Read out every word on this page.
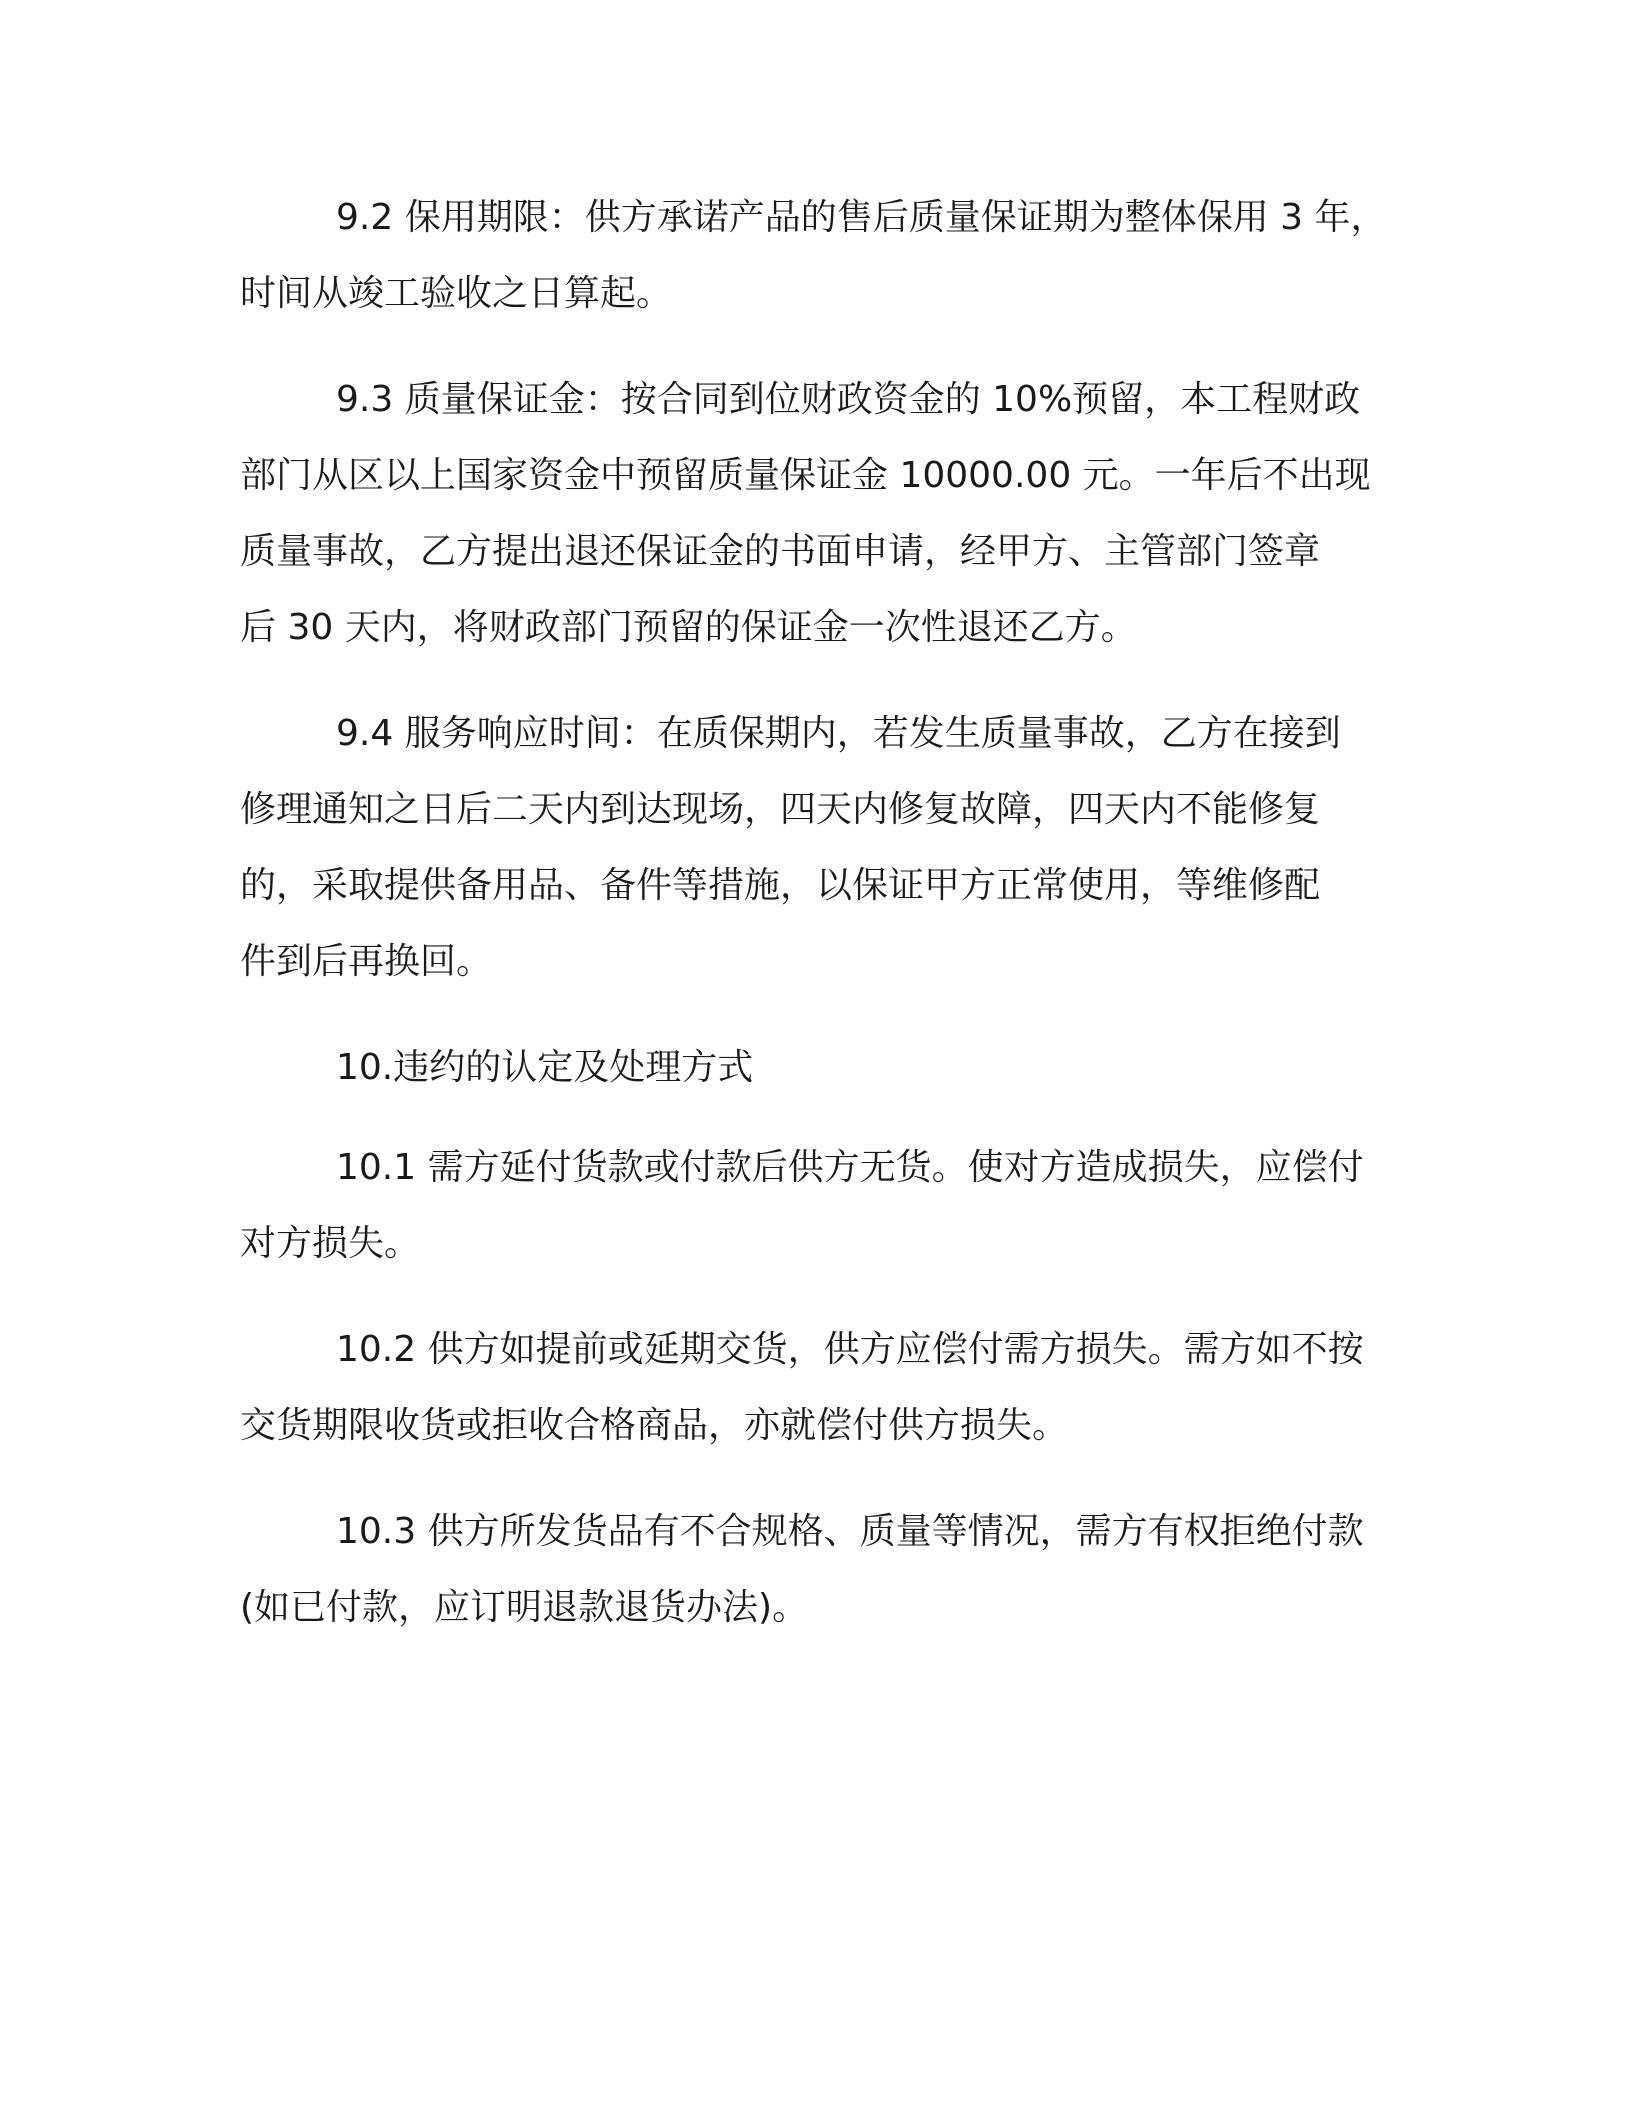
9.2 保用期限：供方承诺产品的售后质量保证期为整体保用 3 年，
时间从竣工验收之日算起。

9.3 质量保证金：按合同到位财政资金的 10%预留，本工程财政
部门从区以上国家资金中预留质量保证金 10000.00 元。一年后不出现
质量事故，乙方提出退还保证金的书面申请，经甲方、主管部门签章
后 30 天内，将财政部门预留的保证金一次性退还乙方。

9.4 服务响应时间：在质保期内，若发生质量事故，乙方在接到
修理通知之日后二天内到达现场，四天内修复故障，四天内不能修复
的，采取提供备用品、备件等措施，以保证甲方正常使用，等维修配
件到后再换回。

10.违约的认定及处理方式

10.1 需方延付货款或付款后供方无货。使对方造成损失，应偿付
对方损失。

10.2 供方如提前或延期交货，供方应偿付需方损失。需方如不按
交货期限收货或拒收合格商品，亦就偿付供方损失。

10.3 供方所发货品有不合规格、质量等情况，需方有权拒绝付款
(如已付款，应订明退款退货办法)。
